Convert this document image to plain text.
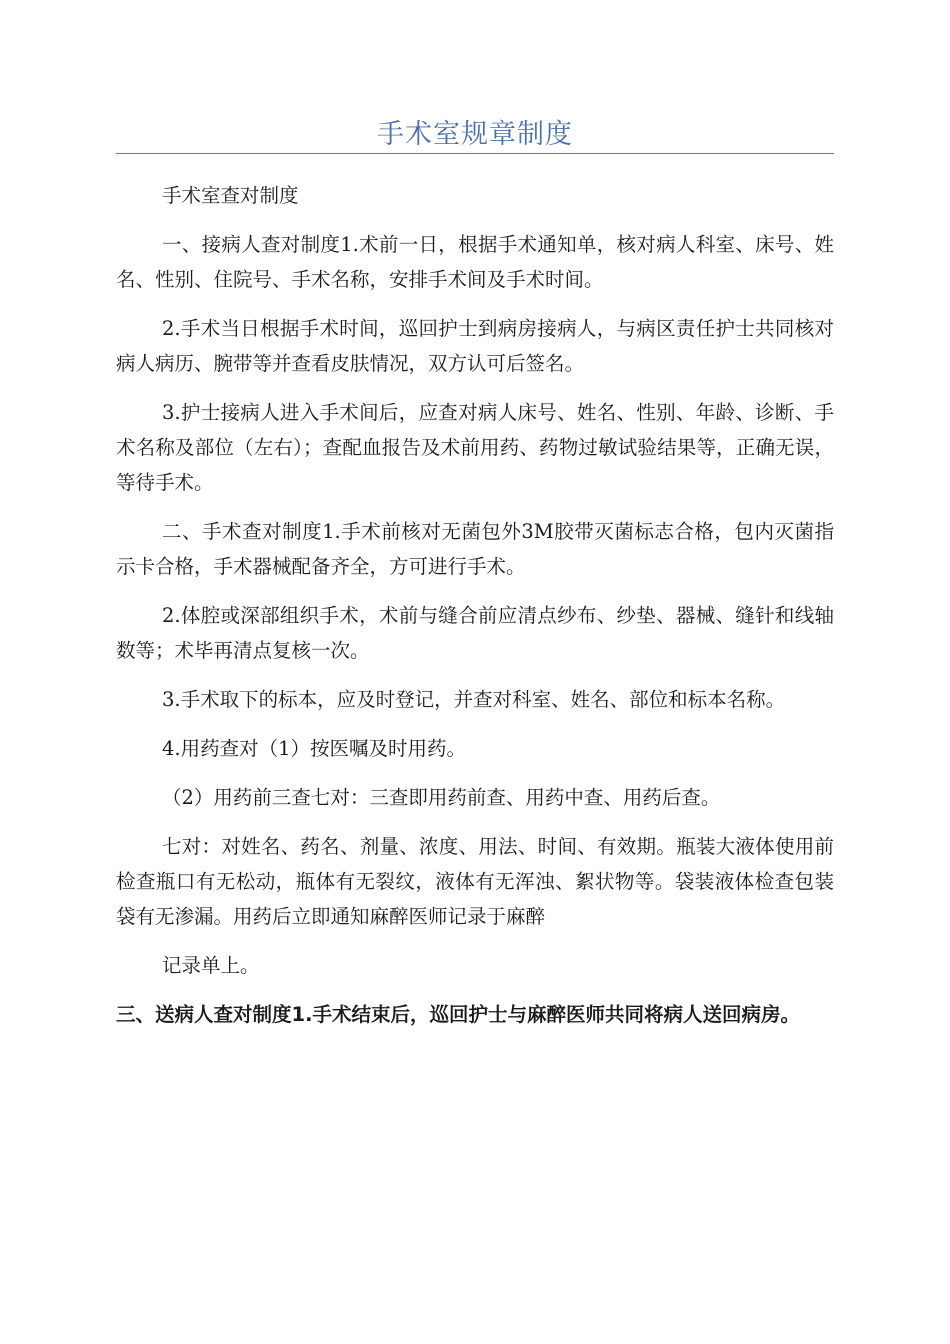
手术室规章制度

手术室查对制度

一、接病人查对制度1.术前一日，根据手术通知单，核对病人科室、床号、姓名、性别、住院号、手术名称，安排手术间及手术时间。

2.手术当日根据手术时间，巡回护士到病房接病人，与病区责任护士共同核对病人病历、腕带等并查看皮肤情况，双方认可后签名。

3.护士接病人进入手术间后，应查对病人床号、姓名、性别、年龄、诊断、手术名称及部位（左右）；查配血报告及术前用药、药物过敏试验结果等，正确无误，等待手术。

二、手术查对制度1.手术前核对无菌包外3M胶带灭菌标志合格，包内灭菌指示卡合格，手术器械配备齐全，方可进行手术。

2.体腔或深部组织手术，术前与缝合前应清点纱布、纱垫、器械、缝针和线轴数等；术毕再清点复核一次。

3.手术取下的标本，应及时登记，并查对科室、姓名、部位和标本名称。

4.用药查对（1）按医嘱及时用药。

（2）用药前三查七对：三查即用药前查、用药中查、用药后查。

七对：对姓名、药名、剂量、浓度、用法、时间、有效期。瓶装大液体使用前检查瓶口有无松动，瓶体有无裂纹，液体有无浑浊、絮状物等。袋装液体检查包装袋有无渗漏。用药后立即通知麻醉医师记录于麻醉

记录单上。

三、送病人查对制度1.手术结束后，巡回护士与麻醉医师共同将病人送回病房。
